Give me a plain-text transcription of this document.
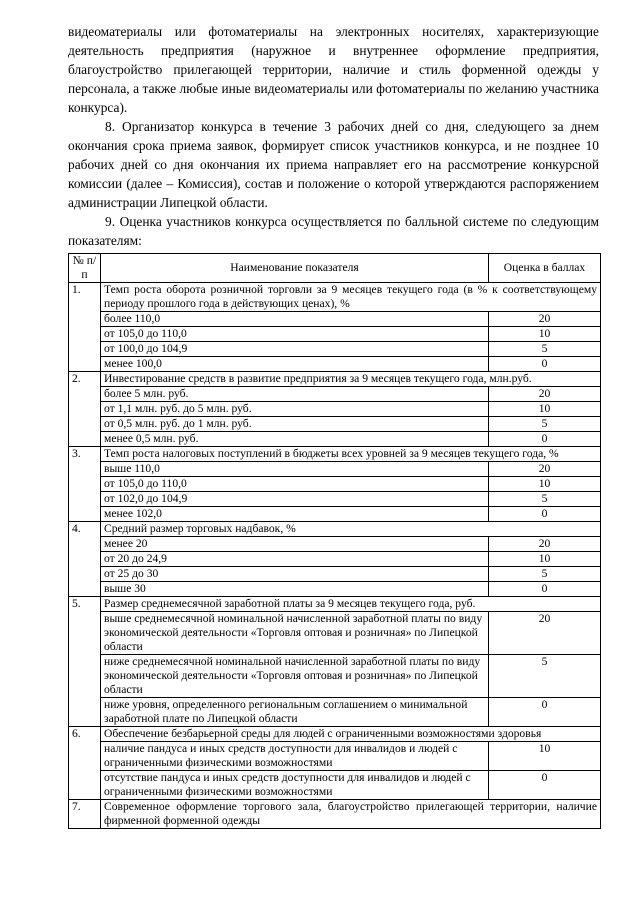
видеоматериалы или фотоматериалы на электронных носителях, характеризующие деятельность предприятия (наружное и внутреннее оформление предприятия, благоустройство прилегающей территории, наличие и стиль форменной одежды у персонала, а также любые иные видеоматериалы или фотоматериалы по желанию участника конкурса).

8. Организатор конкурса в течение 3 рабочих дней со дня, следующего за днем окончания срока приема заявок, формирует список участников конкурса, и не позднее 10 рабочих дней со дня окончания их приема направляет его на рассмотрение конкурсной комиссии (далее – Комиссия), состав и положение о которой утверждаются распоряжением администрации Липецкой области.

9. Оценка участников конкурса осуществляется по балльной системе по следующим показателям:

№ п/п	Наименование показателя	Оценка в баллах
1.	Темп роста оборота розничной торговли за 9 месяцев текущего года (в % к соответствующему периоду прошлого года в действующих ценах), %	
	более 110,0	20
	от 105,0 до 110,0	10
	от 100,0 до 104,9	5
	менее 100,0	0
2.	Инвестирование средств в развитие предприятия за 9 месяцев текущего года, млн.руб.	
	более 5 млн. руб.	20
	от 1,1 млн. руб. до 5 млн. руб.	10
	от 0,5 млн. руб. до 1 млн. руб.	5
	менее 0,5 млн. руб.	0
3.	Темп роста налоговых поступлений в бюджеты всех уровней за 9 месяцев текущего года, %	
	выше 110,0	20
	от 105,0 до 110,0	10
	от 102,0 до 104,9	5
	менее 102,0	0
4.	Средний размер торговых надбавок, %	
	менее 20	20
	от 20 до 24,9	10
	от 25 до 30	5
	выше 30	0
5.	Размер среднемесячной заработной платы за 9 месяцев текущего года, руб.	
	выше среднемесячной номинальной начисленной заработной платы по виду экономической деятельности «Торговля оптовая и розничная» по Липецкой области	20
	ниже среднемесячной номинальной начисленной заработной платы по виду экономической деятельности «Торговля оптовая и розничная» по Липецкой области	5
	ниже уровня, определенного региональным соглашением о минимальной заработной плате по Липецкой области	0
6.	Обеспечение безбарьерной среды для людей с ограниченными возможностями здоровья	
	наличие пандуса и иных средств доступности для инвалидов и людей с ограниченными физическими возможностями	10
	отсутствие пандуса и иных средств доступности для инвалидов и людей с ограниченными физическими возможностями	0
7.	Современное оформление торгового зала, благоустройство прилегающей территории, наличие фирменной форменной одежды	
